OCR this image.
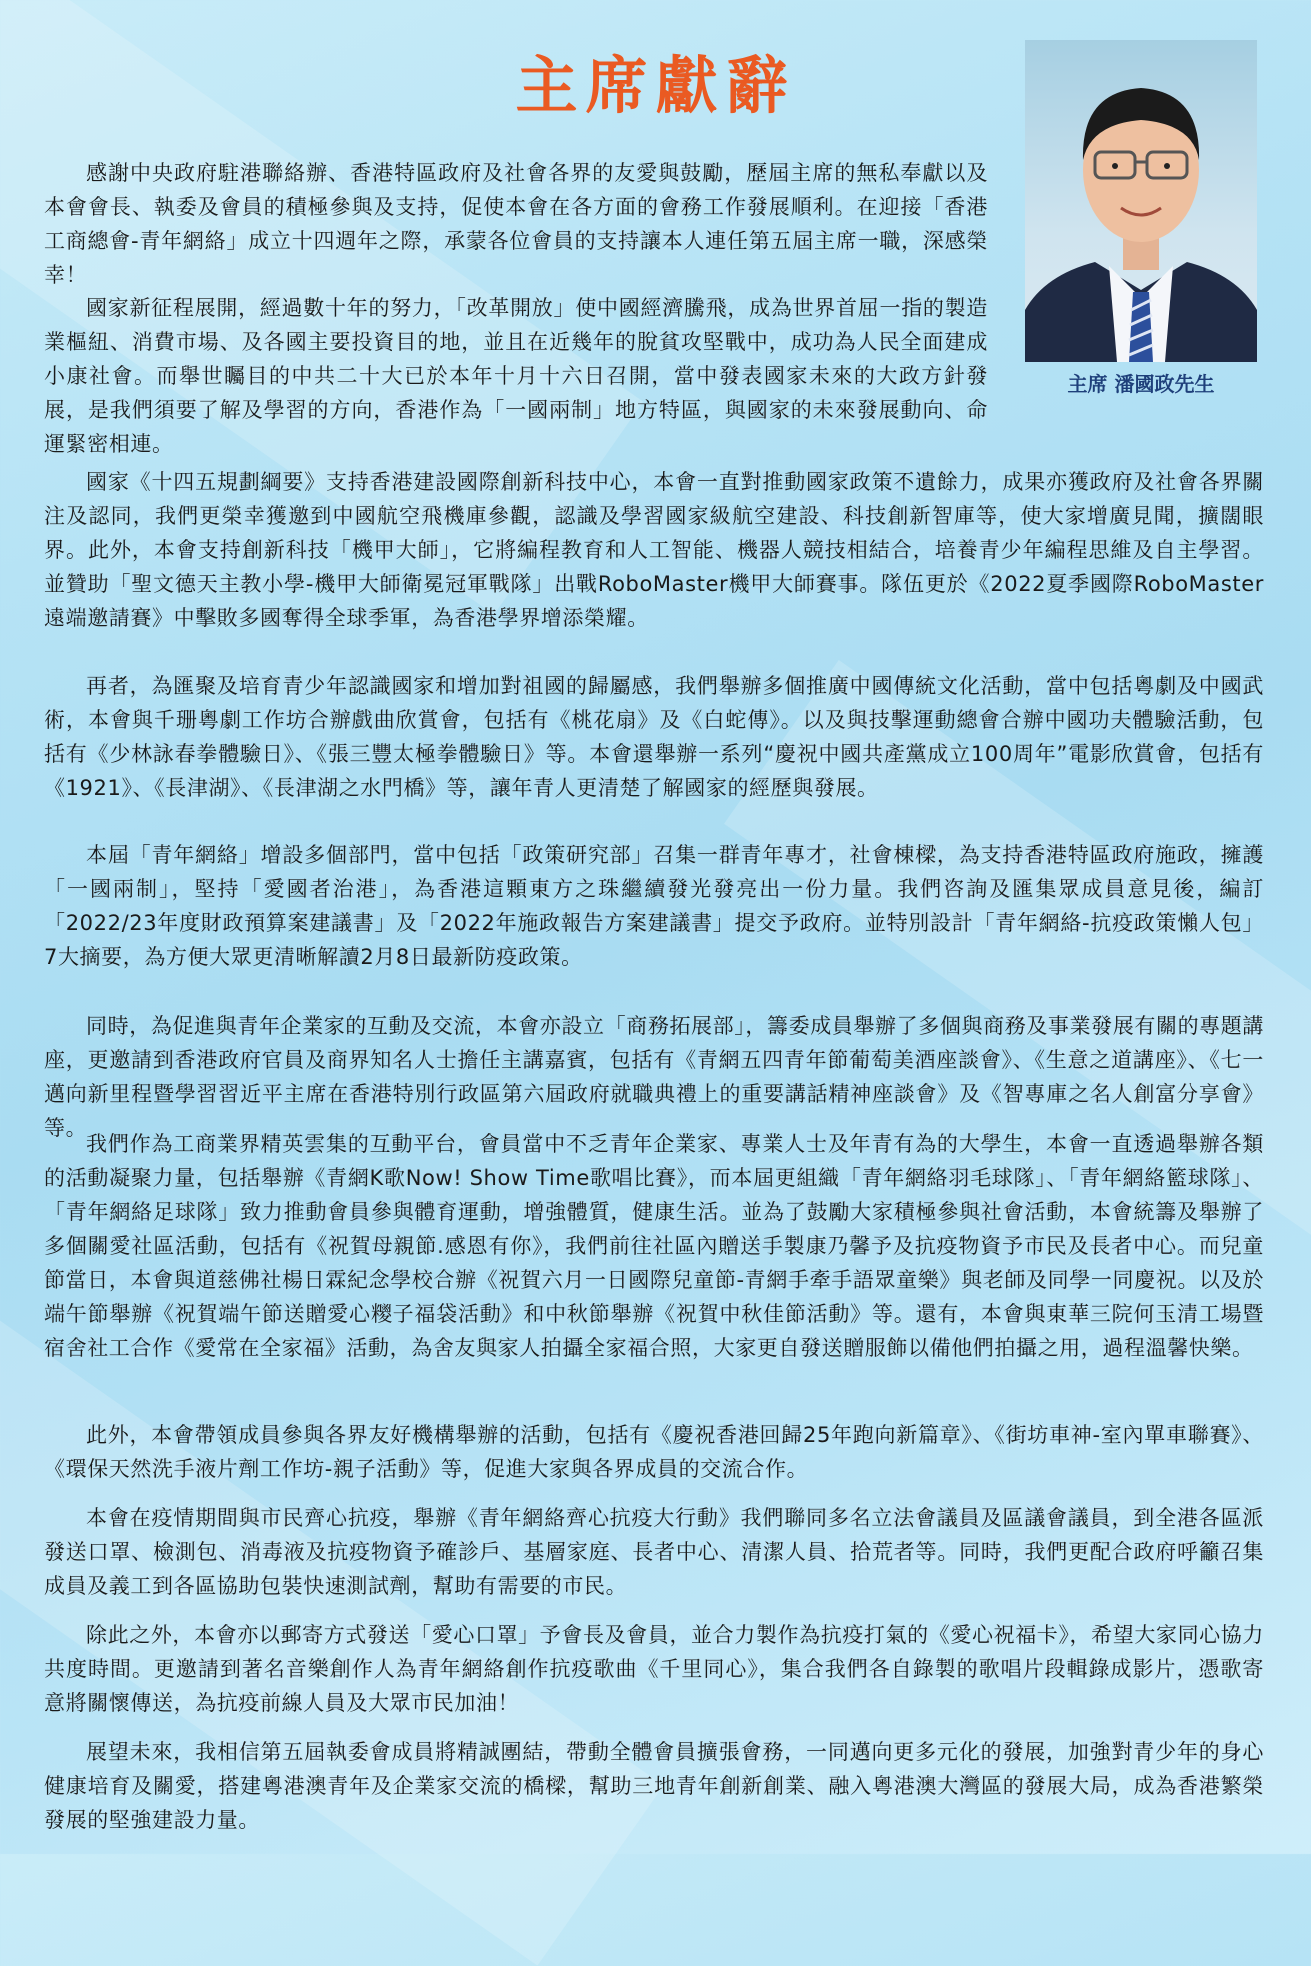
主席獻辭
主席 潘國政先生

感謝中央政府駐港聯絡辦、香港特區政府及社會各界的友愛與鼓勵，歷屆主席的無私奉獻以及本會會長、執委及會員的積極參與及支持，促使本會在各方面的會務工作發展順利。在迎接「香港工商總會-青年網絡」成立十四週年之際，承蒙各位會員的支持讓本人連任第五屆主席一職，深感榮幸！

國家新征程展開，經過數十年的努力，「改革開放」使中國經濟騰飛，成為世界首屈一指的製造業樞紐、消費市場、及各國主要投資目的地，並且在近幾年的脫貧攻堅戰中，成功為人民全面建成小康社會。而舉世矚目的中共二十大已於本年十月十六日召開，當中發表國家未來的大政方針發展，是我們須要了解及學習的方向，香港作為「一國兩制」地方特區，與國家的未來發展動向、命運緊密相連。

國家《十四五規劃綱要》支持香港建設國際創新科技中心，本會一直對推動國家政策不遺餘力，成果亦獲政府及社會各界關注及認同，我們更榮幸獲邀到中國航空飛機庫參觀，認識及學習國家級航空建設、科技創新智庫等，使大家增廣見聞，擴闊眼界。此外，本會支持創新科技「機甲大師」，它將編程教育和人工智能、機器人競技相結合，培養青少年編程思維及自主學習。並贊助「聖文德天主教小學-機甲大師衛冕冠軍戰隊」出戰RoboMaster機甲大師賽事。隊伍更於《2022夏季國際RoboMaster 遠端邀請賽》中擊敗多國奪得全球季軍，為香港學界增添榮耀。

再者，為匯聚及培育青少年認識國家和增加對祖國的歸屬感，我們舉辦多個推廣中國傳統文化活動，當中包括粵劇及中國武術，本會與千珊粵劇工作坊合辦戲曲欣賞會，包括有《桃花扇》及《白蛇傳》。以及與技擊運動總會合辦中國功夫體驗活動，包括有《少林詠春拳體驗日》、《張三豐太極拳體驗日》等。本會還舉辦一系列“慶祝中國共產黨成立100周年”電影欣賞會，包括有《1921》、《長津湖》、《長津湖之水門橋》等，讓年青人更清楚了解國家的經歷與發展。

本屆「青年網絡」增設多個部門，當中包括「政策研究部」召集一群青年專才，社會棟樑，為支持香港特區政府施政，擁護「一國兩制」，堅持「愛國者治港」，為香港這顆東方之珠繼續發光發亮出一份力量。我們咨詢及匯集眾成員意見後，編訂「2022/23年度財政預算案建議書」及「2022年施政報告方案建議書」提交予政府。並特別設計「青年網絡-抗疫政策懶人包」7大摘要，為方便大眾更清晰解讀2月8日最新防疫政策。

同時，為促進與青年企業家的互動及交流，本會亦設立「商務拓展部」，籌委成員舉辦了多個與商務及事業發展有關的專題講座，更邀請到香港政府官員及商界知名人士擔任主講嘉賓，包括有《青網五四青年節葡萄美酒座談會》、《生意之道講座》、《七一邁向新里程暨學習習近平主席在香港特別行政區第六屆政府就職典禮上的重要講話精神座談會》及《智專庫之名人創富分享會》等。

我們作為工商業界精英雲集的互動平台，會員當中不乏青年企業家、專業人士及年青有為的大學生，本會一直透過舉辦各類的活動凝聚力量，包括舉辦《青網K歌Now! Show Time歌唱比賽》，而本屆更組織「青年網絡羽毛球隊」、「青年網絡籃球隊」、「青年網絡足球隊」致力推動會員參與體育運動，增強體質，健康生活。並為了鼓勵大家積極參與社會活動，本會統籌及舉辦了多個關愛社區活動，包括有《祝賀母親節.感恩有你》，我們前往社區內贈送手製康乃馨予及抗疫物資予市民及長者中心。而兒童節當日，本會與道慈佛社楊日霖紀念學校合辦《祝賀六月一日國際兒童節-青網手牽手語眾童樂》與老師及同學一同慶祝。以及於端午節舉辦《祝賀端午節送贈愛心糭子福袋活動》和中秋節舉辦《祝賀中秋佳節活動》等。還有，本會與東華三院何玉清工場暨宿舍社工合作《愛常在全家福》活動，為舍友與家人拍攝全家福合照，大家更自發送贈服飾以備他們拍攝之用，過程溫馨快樂。

此外，本會帶領成員參與各界友好機構舉辦的活動，包括有《慶祝香港回歸25年跑向新篇章》、《街坊車神-室內單車聯賽》、《環保天然洗手液片劑工作坊-親子活動》等，促進大家與各界成員的交流合作。

本會在疫情期間與市民齊心抗疫，舉辦《青年網絡齊心抗疫大行動》我們聯同多名立法會議員及區議會議員，到全港各區派發送口罩、檢測包、消毒液及抗疫物資予確診戶、基層家庭、長者中心、清潔人員、拾荒者等。同時，我們更配合政府呼籲召集成員及義工到各區協助包裝快速測試劑，幫助有需要的市民。

除此之外，本會亦以郵寄方式發送「愛心口罩」予會長及會員，並合力製作為抗疫打氣的《愛心祝福卡》，希望大家同心協力共度時間。更邀請到著名音樂創作人為青年網絡創作抗疫歌曲《千里同心》，集合我們各自錄製的歌唱片段輯錄成影片，憑歌寄意將關懷傳送，為抗疫前線人員及大眾市民加油！

展望未來，我相信第五屆執委會成員將精誠團結，帶動全體會員擴張會務，一同邁向更多元化的發展，加強對青少年的身心健康培育及關愛，搭建粵港澳青年及企業家交流的橋樑，幫助三地青年創新創業、融入粵港澳大灣區的發展大局，成為香港繁榮發展的堅強建設力量。
